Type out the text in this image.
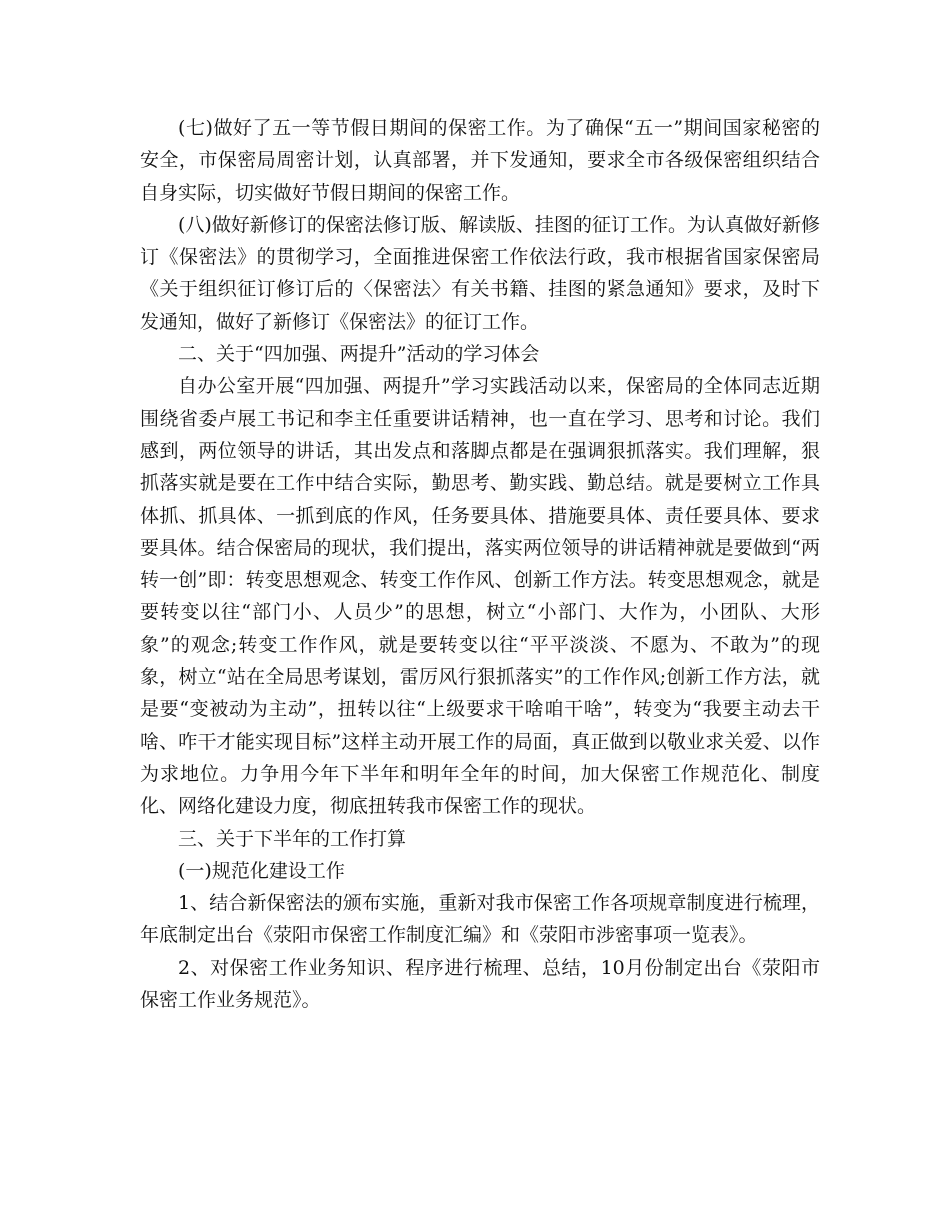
(七)做好了五一等节假日期间的保密工作。为了确保“五一”期间国家秘密的安全，市保密局周密计划，认真部署，并下发通知，要求全市各级保密组织结合自身实际，切实做好节假日期间的保密工作。

(八)做好新修订的保密法修订版、解读版、挂图的征订工作。为认真做好新修订《保密法》的贯彻学习，全面推进保密工作依法行政，我市根据省国家保密局《关于组织征订修订后的〈保密法〉有关书籍、挂图的紧急通知》要求，及时下发通知，做好了新修订《保密法》的征订工作。

二、关于“四加强、两提升”活动的学习体会

自办公室开展“四加强、两提升”学习实践活动以来，保密局的全体同志近期围绕省委卢展工书记和李主任重要讲话精神，也一直在学习、思考和讨论。我们感到，两位领导的讲话，其出发点和落脚点都是在强调狠抓落实。我们理解，狠抓落实就是要在工作中结合实际，勤思考、勤实践、勤总结。就是要树立工作具体抓、抓具体、一抓到底的作风，任务要具体、措施要具体、责任要具体、要求要具体。结合保密局的现状，我们提出，落实两位领导的讲话精神就是要做到“两转一创”即：转变思想观念、转变工作作风、创新工作方法。转变思想观念，就是要转变以往“部门小、人员少”的思想，树立“小部门、大作为，小团队、大形象”的观念;转变工作作风，就是要转变以往“平平淡淡、不愿为、不敢为”的现象，树立“站在全局思考谋划，雷厉风行狠抓落实”的工作作风;创新工作方法，就是要“变被动为主动”，扭转以往“上级要求干啥咱干啥”，转变为“我要主动去干啥、咋干才能实现目标”这样主动开展工作的局面，真正做到以敬业求关爱、以作为求地位。力争用今年下半年和明年全年的时间，加大保密工作规范化、制度化、网络化建设力度，彻底扭转我市保密工作的现状。

三、关于下半年的工作打算

(一)规范化建设工作

1、结合新保密法的颁布实施，重新对我市保密工作各项规章制度进行梳理，年底制定出台《荥阳市保密工作制度汇编》和《荥阳市涉密事项一览表》。

2、对保密工作业务知识、程序进行梳理、总结，10月份制定出台《荥阳市保密工作业务规范》。
